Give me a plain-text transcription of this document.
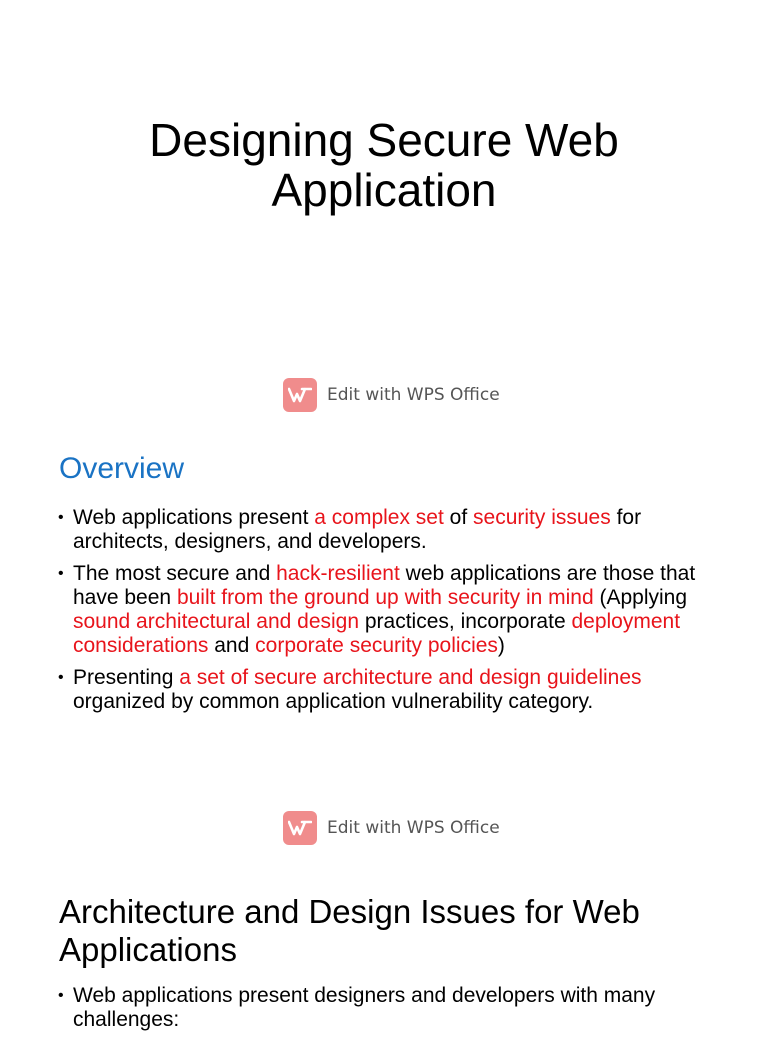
Designing Secure Web
Application
Edit with WPS Office
Overview
• Web applications present a complex set of security issues for architects, designers, and developers.
• The most secure and hack-resilient web applications are those that have been built from the ground up with security in mind (Applying sound architectural and design practices, incorporate deployment considerations and corporate security policies)
• Presenting a set of secure architecture and design guidelines organized by common application vulnerability category.
Edit with WPS Office
Architecture and Design Issues for Web
Applications
• Web applications present designers and developers with many challenges:
